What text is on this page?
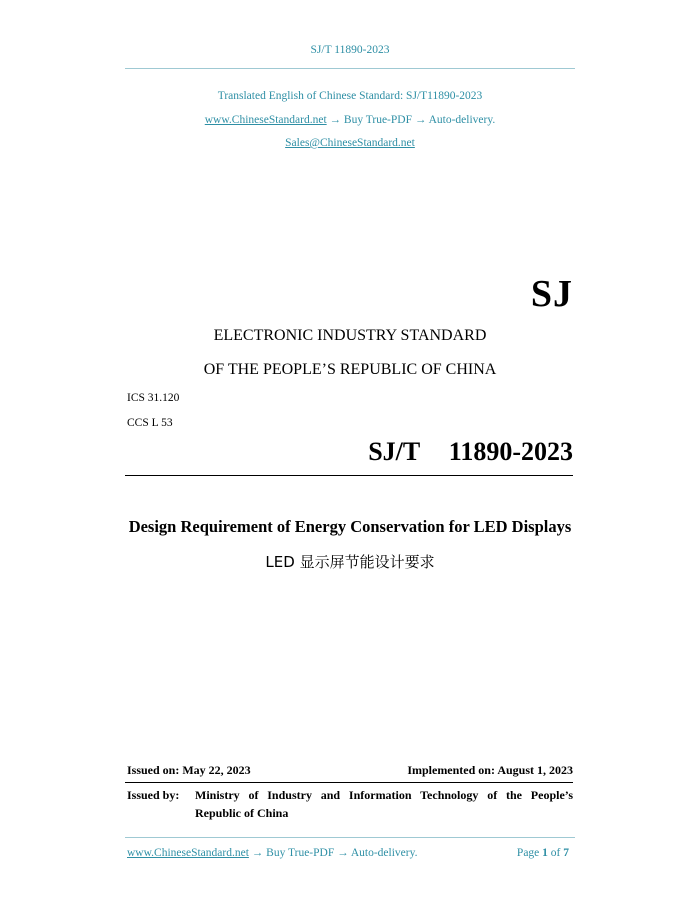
SJ/T 11890-2023
Translated English of Chinese Standard: SJ/T11890-2023
www.ChineseStandard.net → Buy True-PDF → Auto-delivery.
Sales@ChineseStandard.net
SJ
ELECTRONIC INDUSTRY STANDARD
OF THE PEOPLE’S REPUBLIC OF CHINA
ICS 31.120
CCS L 53
SJ/T  11890-2023
Design Requirement of Energy Conservation for LED Displays
LED 显示屏节能设计要求
Issued on: May 22, 2023	Implemented on: August 1, 2023
Issued by: Ministry of Industry and Information Technology of the People’s Republic of China
www.ChineseStandard.net → Buy True-PDF → Auto-delivery.	Page 1 of 7
